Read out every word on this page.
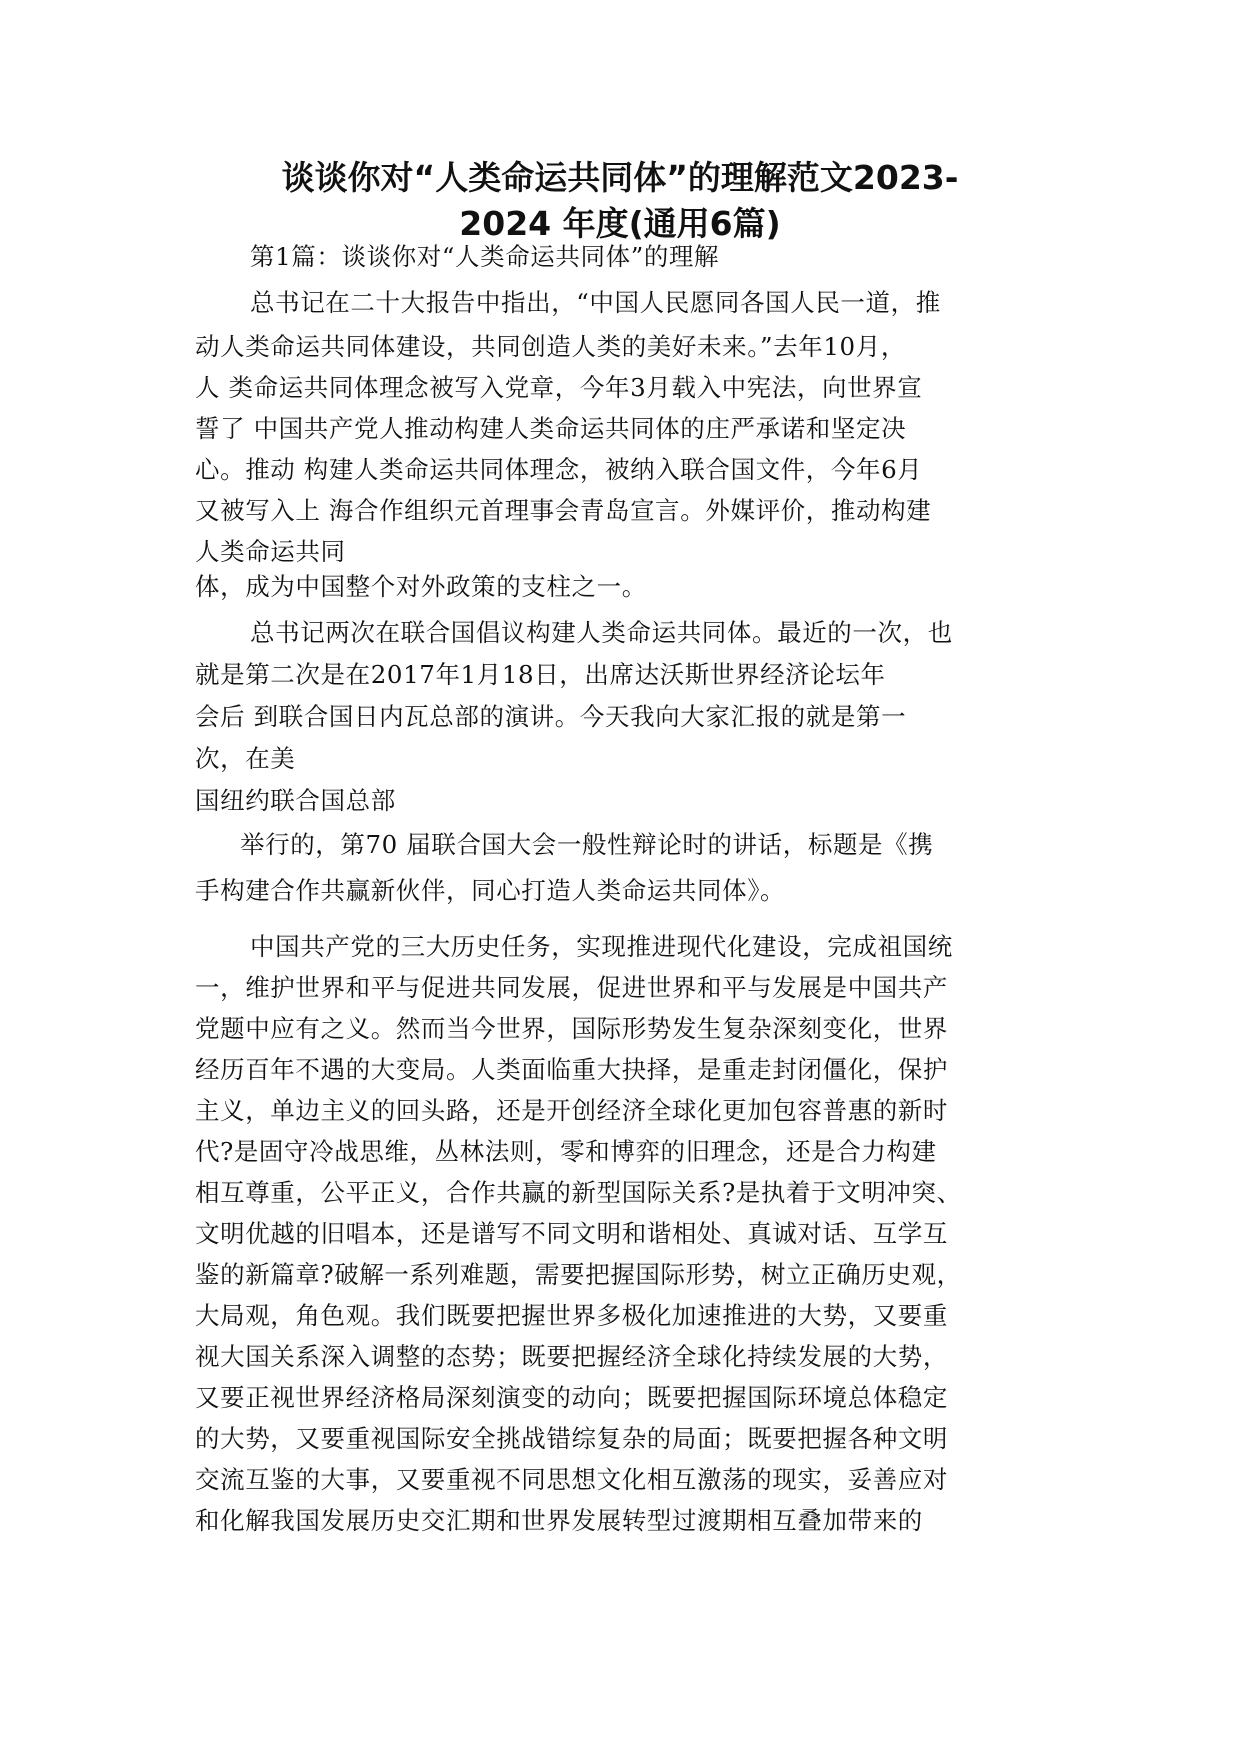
谈谈你对“人类命运共同体”的理解范文2023-
2024 年度(通用6篇)
第1篇：谈谈你对“人类命运共同体”的理解
总书记在二十大报告中指出，“中国人民愿同各国人民一道，推
动人类命运共同体建设，共同创造人类的美好未来。”去年10月，
人 类命运共同体理念被写入党章，今年3月载入中宪法，向世界宣
誓了 中国共产党人推动构建人类命运共同体的庄严承诺和坚定决
心。推动 构建人类命运共同体理念，被纳入联合国文件，今年6月
又被写入上 海合作组织元首理事会青岛宣言。外媒评价，推动构建
人类命运共同
体，成为中国整个对外政策的支柱之一。
总书记两次在联合国倡议构建人类命运共同体。最近的一次，也
就是第二次是在2017年1月18日，出席达沃斯世界经济论坛年
会后 到联合国日内瓦总部的演讲。今天我向大家汇报的就是第一
次，在美
国纽约联合国总部
举行的，第70 届联合国大会一般性辩论时的讲话，标题是《携
手构建合作共赢新伙伴，同心打造人类命运共同体》。
中国共产党的三大历史任务，实现推进现代化建设，完成祖国统
一，维护世界和平与促进共同发展，促进世界和平与发展是中国共产
党题中应有之义。然而当今世界，国际形势发生复杂深刻变化，世界
经历百年不遇的大变局。人类面临重大抉择，是重走封闭僵化，保护
主义，单边主义的回头路，还是开创经济全球化更加包容普惠的新时
代?是固守冷战思维，丛林法则，零和博弈的旧理念，还是合力构建
相互尊重，公平正义，合作共赢的新型国际关系?是执着于文明冲突、
文明优越的旧唱本，还是谱写不同文明和谐相处、真诚对话、互学互
鉴的新篇章?破解一系列难题，需要把握国际形势，树立正确历史观，
大局观，角色观。我们既要把握世界多极化加速推进的大势，又要重
视大国关系深入调整的态势；既要把握经济全球化持续发展的大势，
又要正视世界经济格局深刻演变的动向；既要把握国际环境总体稳定
的大势，又要重视国际安全挑战错综复杂的局面；既要把握各种文明
交流互鉴的大事，又要重视不同思想文化相互激荡的现实，妥善应对
和化解我国发展历史交汇期和世界发展转型过渡期相互叠加带来的
